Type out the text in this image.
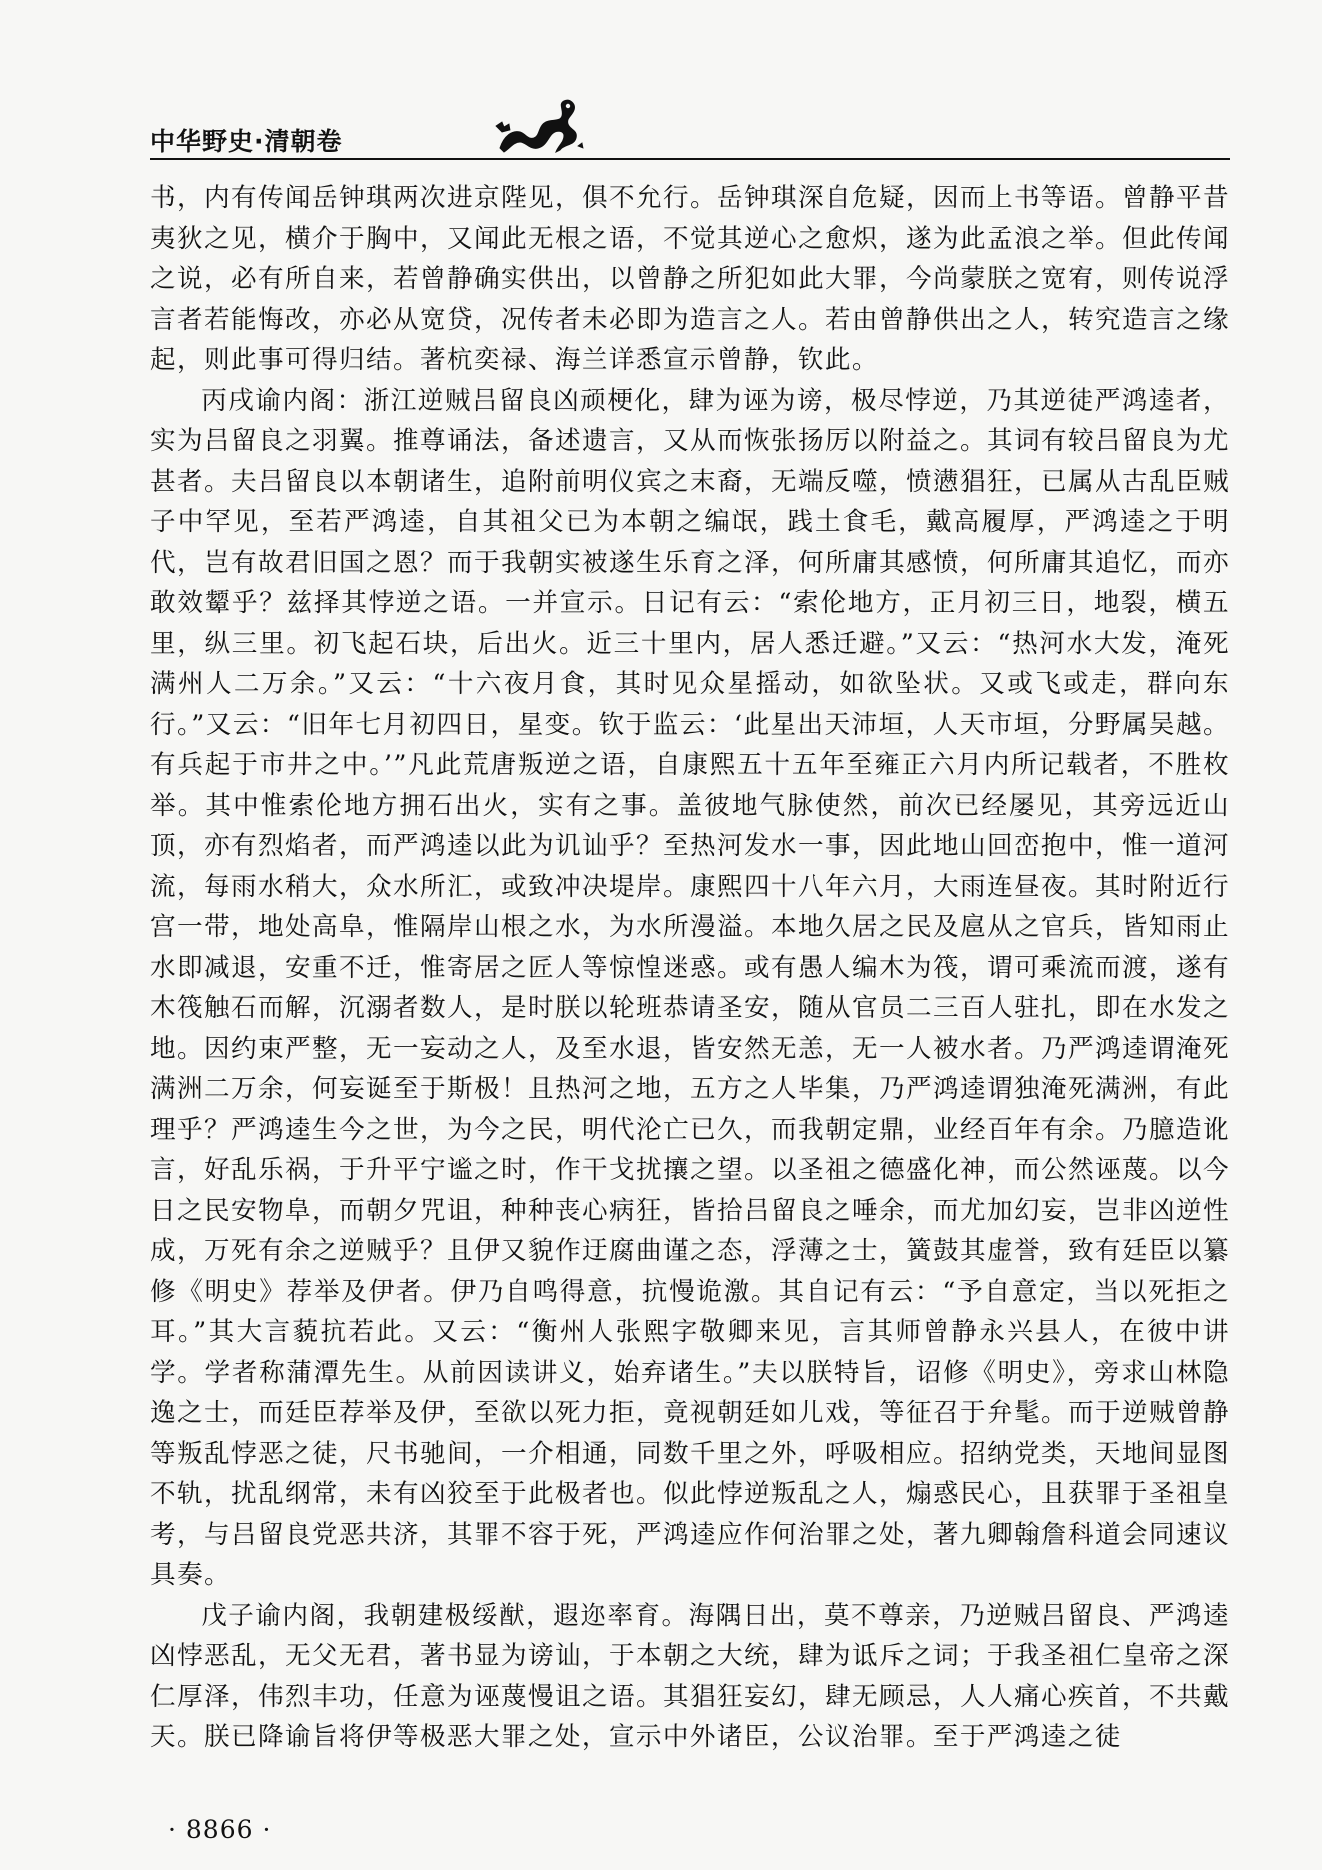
中华野史·清朝卷

书，内有传闻岳钟琪两次进京陛见，俱不允行。岳钟琪深自危疑，因而上书等语。曾静平昔夷狄之见，横介于胸中，又闻此无根之语，不觉其逆心之愈炽，遂为此孟浪之举。但此传闻之说，必有所自来，若曾静确实供出，以曾静之所犯如此大罪，今尚蒙朕之宽宥，则传说浮言者若能悔改，亦必从宽贷，况传者未必即为造言之人。若由曾静供出之人，转究造言之缘起，则此事可得归结。著杭奕禄、海兰详悉宣示曾静，钦此。

丙戌谕内阁：浙江逆贼吕留良凶顽梗化，肆为诬为谤，极尽悖逆，乃其逆徒严鸿逵者，实为吕留良之羽翼。推尊诵法，备述遗言，又从而恢张扬厉以附益之。其词有较吕留良为尤甚者。夫吕留良以本朝诸生，追附前明仪宾之末裔，无端反噬，愤懑猖狂，已属从古乱臣贼子中罕见，至若严鸿逵，自其祖父已为本朝之编氓，践土食毛，戴高履厚，严鸿逵之于明代，岂有故君旧国之恩？而于我朝实被遂生乐育之泽，何所庸其感愤，何所庸其追忆，而亦敢效颦乎？兹择其悖逆之语。一并宣示。日记有云：“索伦地方，正月初三日，地裂，横五里，纵三里。初飞起石块，后出火。近三十里内，居人悉迁避。”又云：“热河水大发，淹死满州人二万余。”又云：“十六夜月食，其时见众星摇动，如欲坠状。又或飞或走，群向东行。”又云：“旧年七月初四日，星变。钦于监云：‘此星出天沛垣，人天市垣，分野属吴越。有兵起于市井之中。’”凡此荒唐叛逆之语，自康熙五十五年至雍正六月内所记载者，不胜枚举。其中惟索伦地方拥石出火，实有之事。盖彼地气脉使然，前次已经屡见，其旁远近山顶，亦有烈焰者，而严鸿逵以此为讥讪乎？至热河发水一事，因此地山回峦抱中，惟一道河流，每雨水稍大，众水所汇，或致冲决堤岸。康熙四十八年六月，大雨连昼夜。其时附近行宫一带，地处高阜，惟隔岸山根之水，为水所漫溢。本地久居之民及扈从之官兵，皆知雨止水即减退，安重不迁，惟寄居之匠人等惊惶迷惑。或有愚人编木为筏，谓可乘流而渡，遂有木筏触石而解，沉溺者数人，是时朕以轮班恭请圣安，随从官员二三百人驻扎，即在水发之地。因约束严整，无一妄动之人，及至水退，皆安然无恙，无一人被水者。乃严鸿逵谓淹死满洲二万余，何妄诞至于斯极！且热河之地，五方之人毕集，乃严鸿逵谓独淹死满洲，有此理乎？严鸿逵生今之世，为今之民，明代沦亡已久，而我朝定鼎，业经百年有余。乃臆造讹言，好乱乐祸，于升平宁谧之时，作干戈扰攘之望。以圣祖之德盛化神，而公然诬蔑。以今日之民安物阜，而朝夕咒诅，种种丧心病狂，皆拾吕留良之唾余，而尤加幻妄，岂非凶逆性成，万死有余之逆贼乎？且伊又貌作迂腐曲谨之态，浮薄之士，簧鼓其虚誉，致有廷臣以纂修《明史》荐举及伊者。伊乃自鸣得意，抗慢诡激。其自记有云：“予自意定，当以死拒之耳。”其大言藐抗若此。又云：“衡州人张熙字敬卿来见，言其师曾静永兴县人，在彼中讲学。学者称蒲潭先生。从前因读讲义，始弃诸生。”夫以朕特旨，诏修《明史》，旁求山林隐逸之士，而廷臣荐举及伊，至欲以死力拒，竟视朝廷如儿戏，等征召于弁髦。而于逆贼曾静等叛乱悖恶之徒，尺书驰间，一介相通，同数千里之外，呼吸相应。招纳党类，天地间显图不轨，扰乱纲常，未有凶狡至于此极者也。似此悖逆叛乱之人，煽惑民心，且获罪于圣祖皇考，与吕留良党恶共济，其罪不容于死，严鸿逵应作何治罪之处，著九卿翰詹科道会同速议具奏。

戊子谕内阁，我朝建极绥猷，遐迩率育。海隅日出，莫不尊亲，乃逆贼吕留良、严鸿逵凶悖恶乱，无父无君，著书显为谤讪，于本朝之大统，肆为诋斥之词；于我圣祖仁皇帝之深仁厚泽，伟烈丰功，任意为诬蔑慢诅之语。其猖狂妄幻，肆无顾忌，人人痛心疾首，不共戴天。朕已降谕旨将伊等极恶大罪之处，宣示中外诸臣，公议治罪。至于严鸿逵之徒

· 8866 ·
